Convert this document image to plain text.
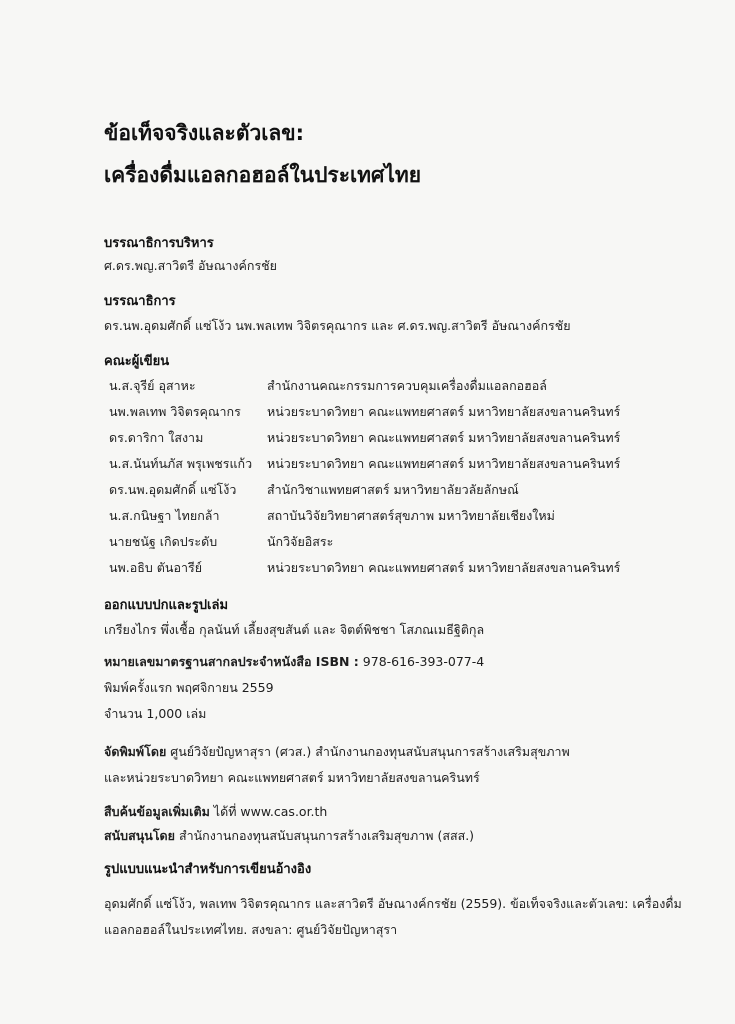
ข้อเท็จจริงและตัวเลข:
เครื่องดื่มแอลกอฮอล์ในประเทศไทย
บรรณาธิการบริหาร
ศ.ดร.พญ.สาวิตรี อัษณางค์กรชัย
บรรณาธิการ
ดร.นพ.อุดมศักดิ์ แซ่โง้ว นพ.พลเทพ วิจิตรคุณากร และ ศ.ดร.พญ.สาวิตรี อัษณางค์กรชัย
คณะผู้เขียน
น.ส.จุรีย์ อุสาหะ	สำนักงานคณะกรรมการควบคุมเครื่องดื่มแอลกอฮอล์
นพ.พลเทพ วิจิตรคุณากร	หน่วยระบาดวิทยา คณะแพทยศาสตร์ มหาวิทยาลัยสงขลานครินทร์
ดร.ดาริกา ใสงาม	หน่วยระบาดวิทยา คณะแพทยศาสตร์ มหาวิทยาลัยสงขลานครินทร์
น.ส.นันท์นภัส พรุเพชรแก้ว	หน่วยระบาดวิทยา คณะแพทยศาสตร์ มหาวิทยาลัยสงขลานครินทร์
ดร.นพ.อุดมศักดิ์ แซ่โง้ว	สำนักวิชาแพทยศาสตร์ มหาวิทยาลัยวลัยลักษณ์
น.ส.กนิษฐา ไทยกล้า	สถาบันวิจัยวิทยาศาสตร์สุขภาพ มหาวิทยาลัยเชียงใหม่
นายชนัฐ เกิดประดับ	นักวิจัยอิสระ
นพ.อธิบ ตันอารีย์	หน่วยระบาดวิทยา คณะแพทยศาสตร์ มหาวิทยาลัยสงขลานครินทร์
ออกแบบปกและรูปเล่ม
เกรียงไกร พึ่งเชื้อ กุลนันท์ เลี้ยงสุขสันต์ และ จิตต์พิชชา โสภณเมธีฐิติกุล
หมายเลขมาตรฐานสากลประจำหนังสือ ISBN : 978-616-393-077-4
พิมพ์ครั้งแรก พฤศจิกายน 2559
จำนวน 1,000 เล่ม
จัดพิมพ์โดย ศูนย์วิจัยปัญหาสุรา (ศวส.) สำนักงานกองทุนสนับสนุนการสร้างเสริมสุขภาพ
และหน่วยระบาดวิทยา คณะแพทยศาสตร์ มหาวิทยาลัยสงขลานครินทร์
สืบค้นข้อมูลเพิ่มเติม ได้ที่ www.cas.or.th
สนับสนุนโดย สำนักงานกองทุนสนับสนุนการสร้างเสริมสุขภาพ (สสส.)
รูปแบบแนะนำสำหรับการเขียนอ้างอิง
อุดมศักดิ์ แซ่โง้ว, พลเทพ วิจิตรคุณากร และสาวิตรี อัษณางค์กรชัย (2559). ข้อเท็จจริงและตัวเลข: เครื่องดื่ม
แอลกอฮอล์ในประเทศไทย. สงขลา: ศูนย์วิจัยปัญหาสุรา
